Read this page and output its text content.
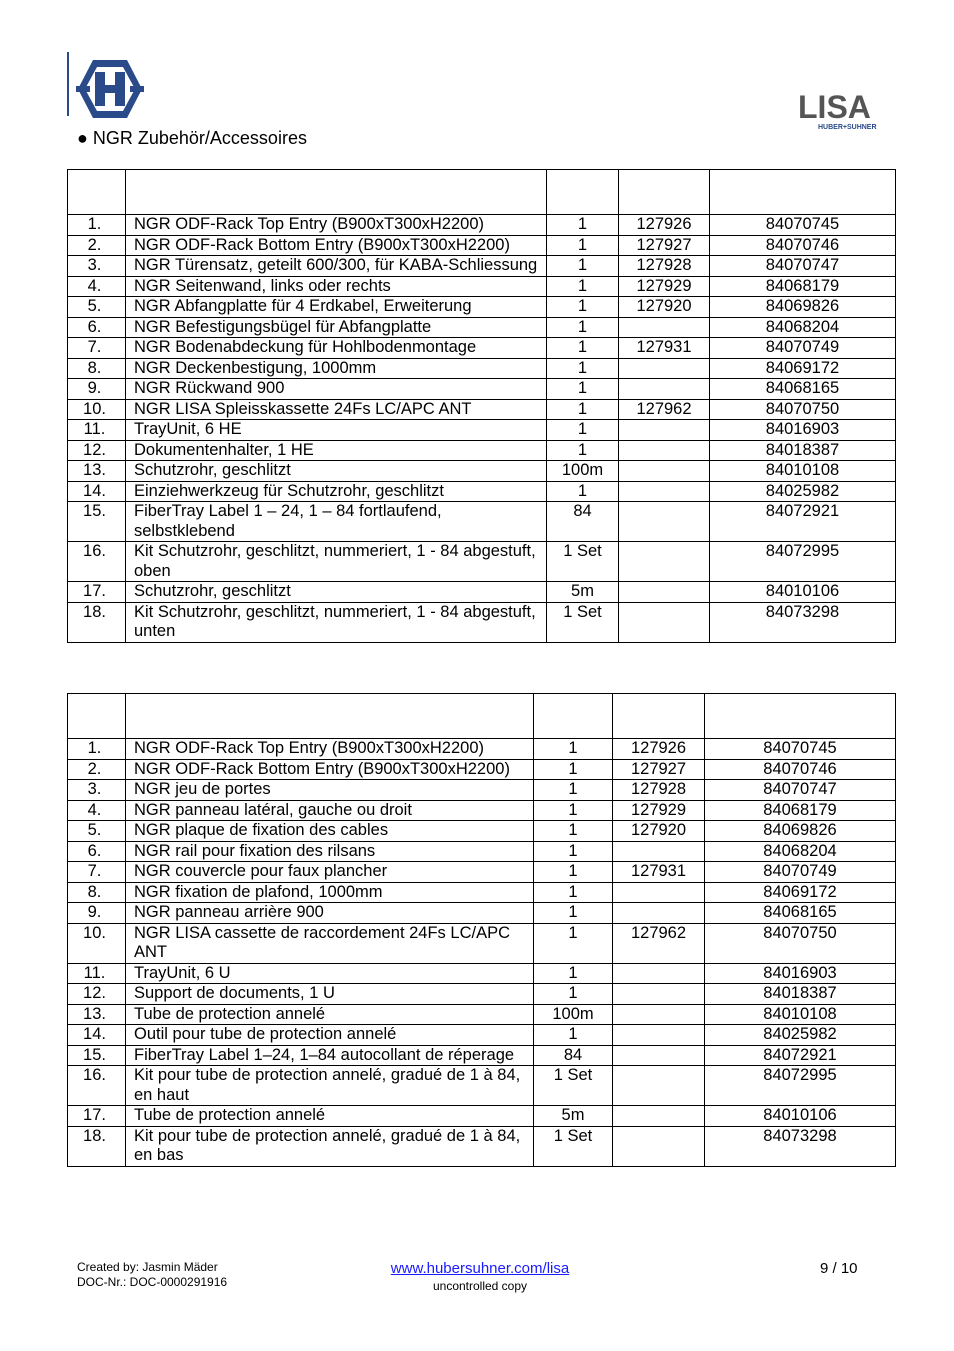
LISA
HUBER+SUHNER
● NGR Zubehör/Accessoires

1.	NGR ODF-Rack Top Entry (B900xT300xH2200)	1	127926	84070745
2.	NGR ODF-Rack Bottom Entry (B900xT300xH2200)	1	127927	84070746
3.	NGR Türensatz, geteilt 600/300, für KABA-Schliessung	1	127928	84070747
4.	NGR Seitenwand, links oder rechts	1	127929	84068179
5.	NGR Abfangplatte für 4 Erdkabel, Erweiterung	1	127920	84069826
6.	NGR Befestigungsbügel für Abfangplatte	1		84068204
7.	NGR Bodenabdeckung für Hohlbodenmontage	1	127931	84070749
8.	NGR Deckenbestigung, 1000mm	1		84069172
9.	NGR Rückwand 900	1		84068165
10.	NGR LISA Spleisskassette 24Fs LC/APC ANT	1	127962	84070750
11.	TrayUnit, 6 HE	1		84016903
12.	Dokumentenhalter, 1 HE	1		84018387
13.	Schutzrohr, geschlitzt	100m		84010108
14.	Einziehwerkzeug für Schutzrohr, geschlitzt	1		84025982
15.	FiberTray Label 1 – 24, 1 – 84 fortlaufend, selbstklebend	84		84072921
16.	Kit Schutzrohr, geschlitzt, nummeriert, 1 - 84 abgestuft, oben	1 Set		84072995
17.	Schutzrohr, geschlitzt	5m		84010106
18.	Kit Schutzrohr, geschlitzt, nummeriert, 1 - 84 abgestuft, unten	1 Set		84073298

1.	NGR ODF-Rack Top Entry (B900xT300xH2200)	1	127926	84070745
2.	NGR ODF-Rack Bottom Entry (B900xT300xH2200)	1	127927	84070746
3.	NGR jeu de portes	1	127928	84070747
4.	NGR panneau latéral, gauche ou droit	1	127929	84068179
5.	NGR plaque de fixation des cables	1	127920	84069826
6.	NGR rail pour fixation des rilsans	1		84068204
7.	NGR couvercle pour faux plancher	1	127931	84070749
8.	NGR fixation de plafond, 1000mm	1		84069172
9.	NGR panneau arrière 900	1		84068165
10.	NGR LISA cassette de raccordement 24Fs LC/APC ANT	1	127962	84070750
11.	TrayUnit, 6 U	1		84016903
12.	Support de documents, 1 U	1		84018387
13.	Tube de protection annelé	100m		84010108
14.	Outil pour tube de protection annelé	1		84025982
15.	FiberTray Label 1–24, 1–84 autocollant de réperage	84		84072921
16.	Kit pour tube de protection annelé, gradué de 1 à 84, en haut	1 Set		84072995
17.	Tube de protection annelé	5m		84010106
18.	Kit pour tube de protection annelé, gradué de 1 à 84, en bas	1 Set		84073298
Created by: Jasmin Mäder
DOC-Nr.: DOC-0000291916
www.hubersuhner.com/lisa
uncontrolled copy
9 / 10
